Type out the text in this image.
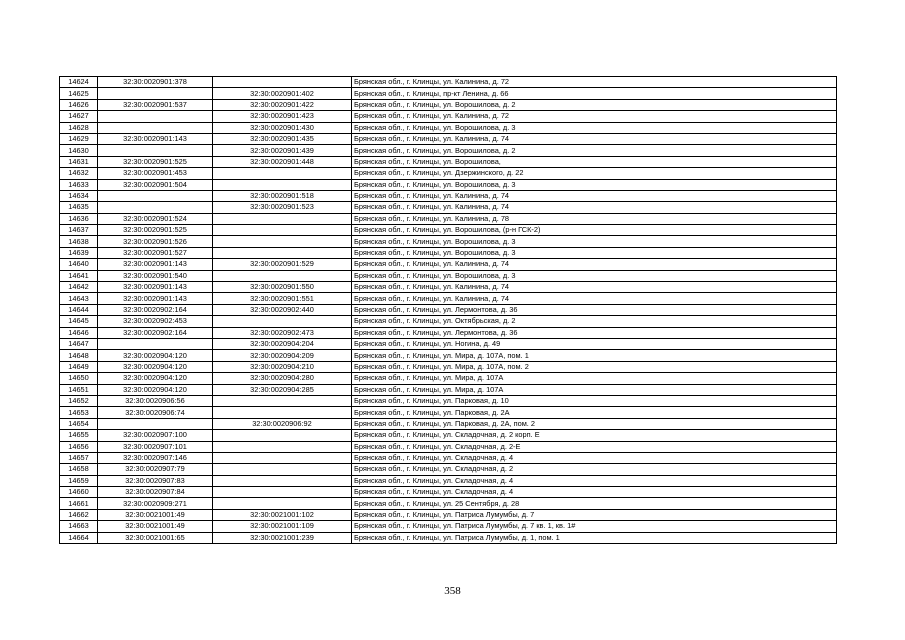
14624	32:30:0020901:378		Брянская обл., г. Клинцы, ул. Калинина, д. 72
14625		32:30:0020901:402	Брянская обл., г. Клинцы, пр-кт Ленина, д. 66
14626	32:30:0020901:537	32:30:0020901:422	Брянская обл., г. Клинцы, ул. Ворошилова, д. 2
14627		32:30:0020901:423	Брянская обл., г. Клинцы, ул. Калинина, д. 72
14628		32:30:0020901:430	Брянская обл., г. Клинцы, ул. Ворошилова, д. 3
14629	32:30:0020901:143	32:30:0020901:435	Брянская обл., г. Клинцы, ул. Калинина, д. 74
14630		32:30:0020901:439	Брянская обл., г. Клинцы, ул. Ворошилова, д. 2
14631	32:30:0020901:525	32:30:0020901:448	Брянская обл., г. Клинцы, ул. Ворошилова,
14632	32:30:0020901:453		Брянская обл., г. Клинцы, ул. Дзержинского, д. 22
14633	32:30:0020901:504		Брянская обл., г. Клинцы, ул. Ворошилова, д. 3
14634		32:30:0020901:518	Брянская обл., г. Клинцы, ул. Калинина, д. 74
14635		32:30:0020901:523	Брянская обл., г. Клинцы, ул. Калинина, д. 74
14636	32:30:0020901:524		Брянская обл., г. Клинцы, ул. Калинина, д. 78
14637	32:30:0020901:525		Брянская обл., г. Клинцы, ул. Ворошилова, (р-н ГСК-2)
14638	32:30:0020901:526		Брянская обл., г. Клинцы, ул. Ворошилова, д. 3
14639	32:30:0020901:527		Брянская обл., г. Клинцы, ул. Ворошилова, д. 3
14640	32:30:0020901:143	32:30:0020901:529	Брянская обл., г. Клинцы, ул. Калинина, д. 74
14641	32:30:0020901:540		Брянская обл., г. Клинцы, ул. Ворошилова, д. 3
14642	32:30:0020901:143	32:30:0020901:550	Брянская обл., г. Клинцы, ул. Калинина, д. 74
14643	32:30:0020901:143	32:30:0020901:551	Брянская обл., г. Клинцы, ул. Калинина, д. 74
14644	32:30:0020902:164	32:30:0020902:440	Брянская обл., г. Клинцы, ул. Лермонтова, д. 36
14645	32:30:0020902:453		Брянская обл., г. Клинцы, ул. Октябрьская, д. 2
14646	32:30:0020902:164	32:30:0020902:473	Брянская обл., г. Клинцы, ул. Лермонтова, д. 36
14647		32:30:0020904:204	Брянская обл., г. Клинцы, ул. Ногина, д. 49
14648	32:30:0020904:120	32:30:0020904:209	Брянская обл., г. Клинцы, ул. Мира, д. 107А, пом. 1
14649	32:30:0020904:120	32:30:0020904:210	Брянская обл., г. Клинцы, ул. Мира, д. 107А, пом. 2
14650	32:30:0020904:120	32:30:0020904:280	Брянская обл., г. Клинцы, ул. Мира, д. 107А
14651	32:30:0020904:120	32:30:0020904:285	Брянская обл., г. Клинцы, ул. Мира, д. 107А
14652	32:30:0020906:56		Брянская обл., г. Клинцы, ул. Парковая, д. 10
14653	32:30:0020906:74		Брянская обл., г. Клинцы, ул. Парковая, д. 2А
14654		32:30:0020906:92	Брянская обл., г. Клинцы, ул. Парковая, д. 2А, пом. 2
14655	32:30:0020907:100		Брянская обл., г. Клинцы, ул. Складочная, д. 2 корп. Е
14656	32:30:0020907:101		Брянская обл., г. Клинцы, ул. Складочная, д. 2-Е
14657	32:30:0020907:146		Брянская обл., г. Клинцы, ул. Складочная, д. 4
14658	32:30:0020907:79		Брянская обл., г. Клинцы, ул. Складочная, д. 2
14659	32:30:0020907:83		Брянская обл., г. Клинцы, ул. Складочная, д. 4
14660	32:30:0020907:84		Брянская обл., г. Клинцы, ул. Складочная, д. 4
14661	32:30:0020909:271		Брянская обл., г. Клинцы, ул. 25 Сентября, д. 28
14662	32:30:0021001:49	32:30:0021001:102	Брянская обл., г. Клинцы, ул. Патриса Лумумбы, д. 7
14663	32:30:0021001:49	32:30:0021001:109	Брянская обл., г. Клинцы, ул. Патриса Лумумбы, д. 7 кв. 1, кв. 1#
14664	32:30:0021001:65	32:30:0021001:239	Брянская обл., г. Клинцы, ул. Патриса Лумумбы, д. 1, пом. 1
358
